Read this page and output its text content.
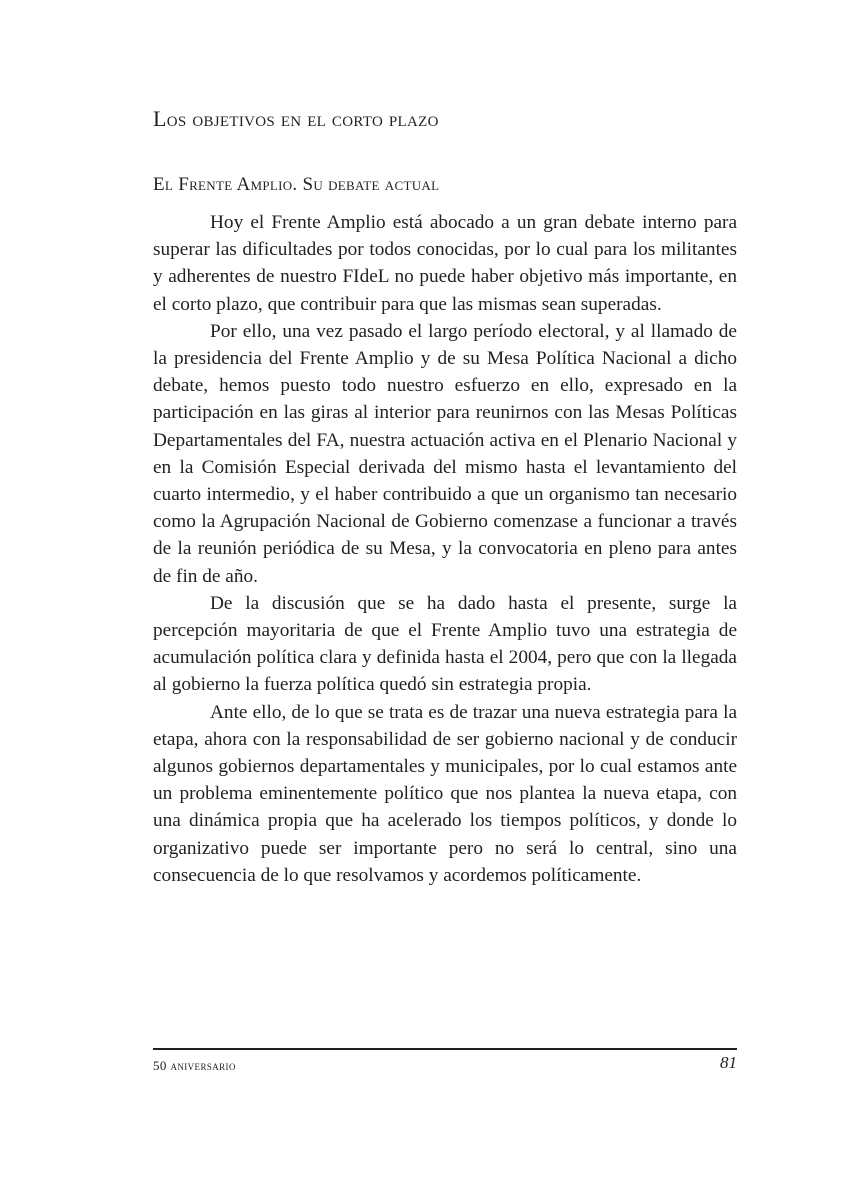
Los objetivos en el corto plazo
El Frente Amplio. Su debate actual

Hoy el Frente Amplio está abocado a un gran debate interno para superar las dificultades por todos conocidas, por lo cual para los militantes y adherentes de nuestro FIdeL no puede haber objetivo más importante, en el corto plazo, que contribuir para que las mismas sean superadas.

Por ello, una vez pasado el largo período electoral, y al llamado de la presidencia del Frente Amplio y de su Mesa Política Nacional a dicho debate, hemos puesto todo nuestro esfuerzo en ello, expresado en la participación en las giras al interior para reunirnos con las Mesas Políticas Departamentales del FA, nuestra actuación activa en el Plenario Nacional y en la Comisión Especial derivada del mismo hasta el levantamiento del cuarto intermedio, y el haber contribuido a que un organismo tan necesario como la Agrupación Nacional de Gobierno comenzase a funcionar a través de la reunión periódica de su Mesa, y la convocatoria en pleno para antes de fin de año.

De la discusión que se ha dado hasta el presente, surge la percepción mayoritaria de que el Frente Amplio tuvo una estrategia de acumulación política clara y definida hasta el 2004, pero que con la llegada al gobierno la fuerza política quedó sin estrategia propia.

Ante ello, de lo que se trata es de trazar una nueva estrategia para la etapa, ahora con la responsabilidad de ser gobierno nacional y de conducir algunos gobiernos departamentales y municipales, por lo cual estamos ante un problema eminentemente político que nos plantea la nueva etapa, con una dinámica propia que ha acelerado los tiempos políticos, y donde lo organizativo puede ser importante pero no será lo central, sino una consecuencia de lo que resolvamos y acordemos políticamente.

50 aniversario	81
